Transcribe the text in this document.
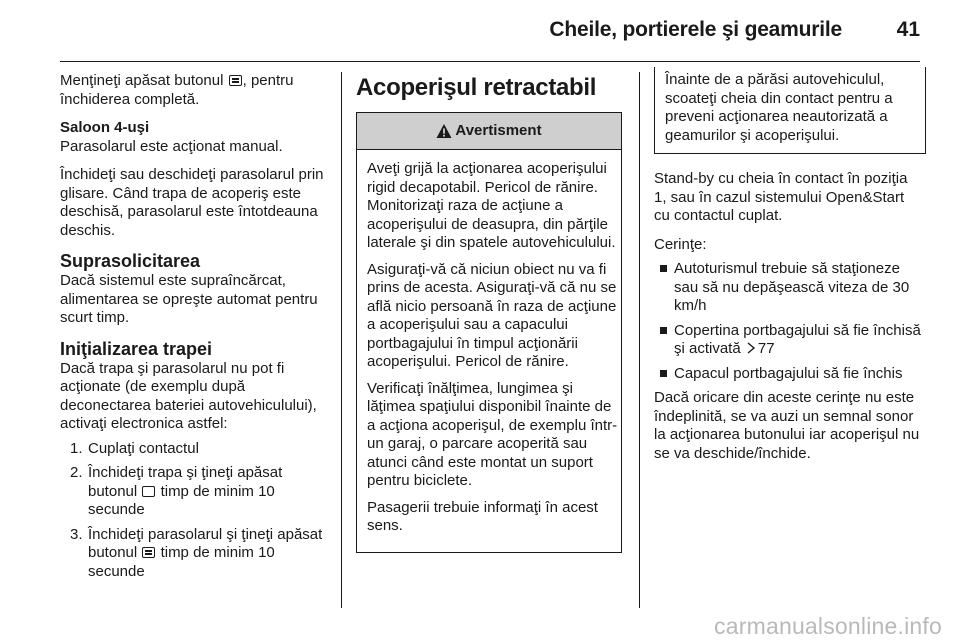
Cheile, portierele şi geamurile	41

Menţineţi apăsat butonul , pentru închiderea completă.

Saloon 4-uşi

Parasolarul este acţionat manual.

Închideţi sau deschideţi parasolarul prin glisare. Când trapa de acoperiş este deschisă, parasolarul este întotdeauna deschis.

Suprasolicitarea

Dacă sistemul este supraîncărcat, alimentarea se opreşte automat pentru scurt timp.

Iniţializarea trapei

Dacă trapa şi parasolarul nu pot fi acţionate (de exemplu după deconectarea bateriei autovehiculului), activaţi electronica astfel:

1. Cuplaţi contactul
2. Închideţi trapa şi ţineţi apăsat butonul timp de minim 10 secunde
3. Închideţi parasolarul şi ţineţi apăsat butonul timp de minim 10 secunde
Acoperişul retractabil
Avertisment

Aveţi grijă la acţionarea acoperişului rigid decapotabil. Pericol de rănire. Monitorizaţi raza de acţiune a acoperişului de deasupra, din părţile laterale şi din spatele autovehiculului.

Asiguraţi-vă că niciun obiect nu va fi prins de acesta. Asiguraţi-vă că nu se află nicio persoană în raza de acţiune a acoperişului sau a capacului portbagajului în timpul acţionării acoperişului. Pericol de rănire.

Verificaţi înălţimea, lungimea şi lăţimea spaţiului disponibil înainte de a acţiona acoperişul, de exemplu într-un garaj, o parcare acoperită sau atunci când este montat un suport pentru biciclete.

Pasagerii trebuie informaţi în acest sens.

Înainte de a părăsi autovehiculul, scoateţi cheia din contact pentru a preveni acţionarea neautorizată a geamurilor şi acoperişului.

Stand-by cu cheia în contact în poziţia 1, sau în cazul sistemului Open&Start cu contactul cuplat.

Cerinţe:

Autoturismul trebuie să staţioneze sau să nu depăşească viteza de 30 km/h
Copertina portbagajului să fie închisă şi activată 77
Capacul portbagajului să fie închis

Dacă oricare din aceste cerinţe nu este îndeplinită, se va auzi un semnal sonor la acţionarea butonului iar acoperişul nu se va deschide/închide.

carmanualsonline.info
